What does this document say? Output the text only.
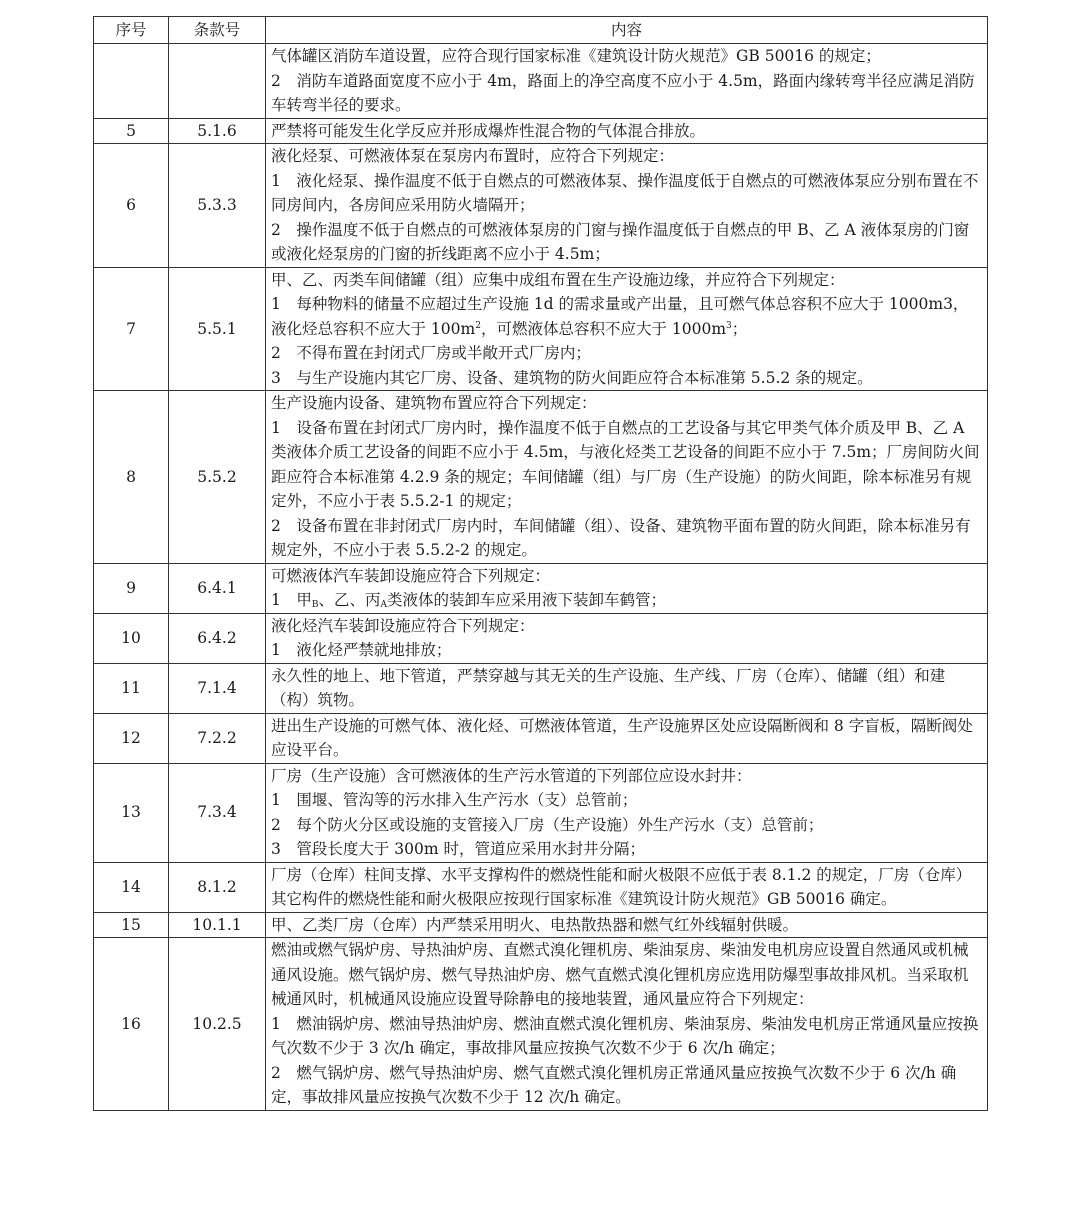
序号	条款号	内容

		气体罐区消防车道设置，应符合现行国家标准《建筑设计防火规范》GB 50016 的规定；
2　消防车道路面宽度不应小于 4m，路面上的净空高度不应小于 4.5m，路面内缘转弯半径应满足消防车转弯半径的要求。

5	5.1.6	严禁将可能发生化学反应并形成爆炸性混合物的气体混合排放。

6	5.3.3	液化烃泵、可燃液体泵在泵房内布置时，应符合下列规定：
1　液化烃泵、操作温度不低于自燃点的可燃液体泵、操作温度低于自燃点的可燃液体泵应分别布置在不同房间内，各房间应采用防火墙隔开；
2　操作温度不低于自燃点的可燃液体泵房的门窗与操作温度低于自燃点的甲 B、乙 A 液体泵房的门窗或液化烃泵房的门窗的折线距离不应小于 4.5m；

7	5.5.1	甲、乙、丙类车间储罐（组）应集中成组布置在生产设施边缘，并应符合下列规定：
1　每种物料的储量不应超过生产设施 1d 的需求量或产出量，且可燃气体总容积不应大于 1000m3，液化烃总容积不应大于 $100m^2$，可燃液体总容积不应大于 $1000m^3$；
2　不得布置在封闭式厂房或半敞开式厂房内；
3　与生产设施内其它厂房、设备、建筑物的防火间距应符合本标准第 5.5.2 条的规定。

8	5.5.2	生产设施内设备、建筑物布置应符合下列规定：
1　设备布置在封闭式厂房内时，操作温度不低于自燃点的工艺设备与其它甲类气体介质及甲 B、乙 A 类液体介质工艺设备的间距不应小于 4.5m，与液化烃类工艺设备的间距不应小于 7.5m；厂房间防火间距应符合本标准第 4.2.9 条的规定；车间储罐（组）与厂房（生产设施）的防火间距，除本标准另有规定外，不应小于表 5.5.2-1 的规定；
2　设备布置在非封闭式厂房内时，车间储罐（组）、设备、建筑物平面布置的防火间距，除本标准另有规定外，不应小于表 5.5.2-2 的规定。

9	6.4.1	可燃液体汽车装卸设施应符合下列规定：
1　甲$_B$、乙、丙$_A$类液体的装卸车应采用液下装卸车鹤管；

10	6.4.2	液化烃汽车装卸设施应符合下列规定：
1　液化烃严禁就地排放；

11	7.1.4	永久性的地上、地下管道，严禁穿越与其无关的生产设施、生产线、厂房（仓库）、储罐（组）和建（构）筑物。

12	7.2.2	进出生产设施的可燃气体、液化烃、可燃液体管道，生产设施界区处应设隔断阀和 8 字盲板，隔断阀处应设平台。

13	7.3.4	厂房（生产设施）含可燃液体的生产污水管道的下列部位应设水封井：
1　围堰、管沟等的污水排入生产污水（支）总管前；
2　每个防火分区或设施的支管接入厂房（生产设施）外生产污水（支）总管前；
3　管段长度大于 300m 时，管道应采用水封井分隔；

14	8.1.2	厂房（仓库）柱间支撑、水平支撑构件的燃烧性能和耐火极限不应低于表 8.1.2 的规定，厂房（仓库）其它构件的燃烧性能和耐火极限应按现行国家标准《建筑设计防火规范》GB 50016 确定。

15	10.1.1	甲、乙类厂房（仓库）内严禁采用明火、电热散热器和燃气红外线辐射供暖。

16	10.2.5	燃油或燃气锅炉房、导热油炉房、直燃式溴化锂机房、柴油泵房、柴油发电机房应设置自然通风或机械通风设施。燃气锅炉房、燃气导热油炉房、燃气直燃式溴化锂机房应选用防爆型事故排风机。当采取机械通风时，机械通风设施应设置导除静电的接地装置，通风量应符合下列规定：
1　燃油锅炉房、燃油导热油炉房、燃油直燃式溴化锂机房、柴油泵房、柴油发电机房正常通风量应按换气次数不少于 3 次/h 确定，事故排风量应按换气次数不少于 6 次/h 确定；
2　燃气锅炉房、燃气导热油炉房、燃气直燃式溴化锂机房正常通风量应按换气次数不少于 6 次/h 确定，事故排风量应按换气次数不少于 12 次/h 确定。
